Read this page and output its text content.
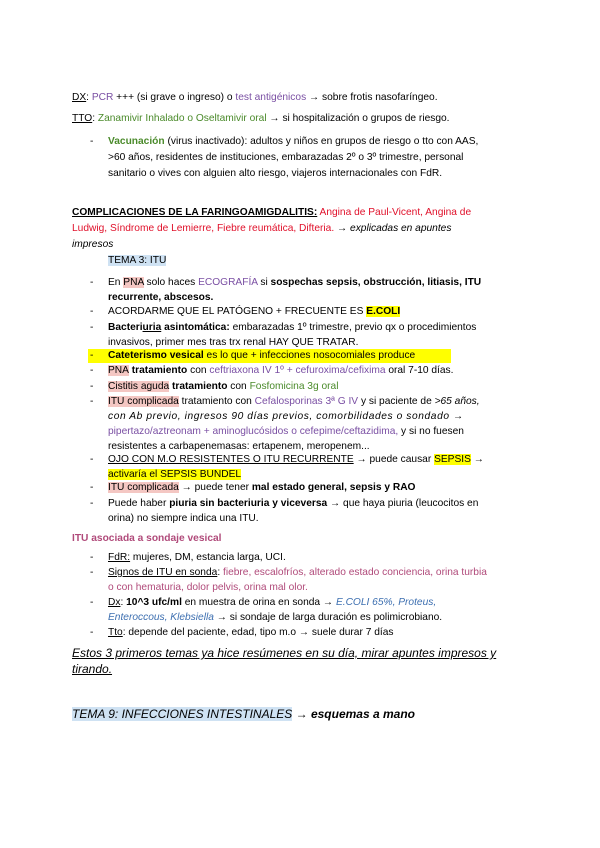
DX: PCR +++ (si grave o ingreso) o test antigénicos → sobre frotis nasofaríngeo.
TTO: Zanamivir Inhalado o Oseltamivir oral → si hospitalización o grupos de riesgo.
- Vacunación (virus inactivado): adultos y niños en grupos de riesgo o tto con AAS,
>60 años, residentes de instituciones, embarazadas 2º o 3º trimestre, personal
sanitario o vives con alguien alto riesgo, viajeros internacionales con FdR.
COMPLICACIONES DE LA FARINGOAMIGDALITIS: Angina de Paul-Vicent, Angina de
Ludwig, Síndrome de Lemierre, Fiebre reumática, Difteria. → explicadas en apuntes
impresos
TEMA 3: ITU
- En PNA solo haces ECOGRAFÍA si sospechas sepsis, obstrucción, litiasis, ITU
recurrente, abscesos.
- ACORDARME QUE EL PATÓGENO + FRECUENTE ES E.COLI
- Bacteriuria asintomática: embarazadas 1º trimestre, previo qx o procedimientos
invasivos, primer mes tras trx renal HAY QUE TRATAR.
- Cateterismo vesical es lo que + infecciones nosocomiales produce
- PNA tratamiento con ceftriaxona IV 1º + cefuroxima/cefixima oral 7-10 días.
- Cistitis aguda tratamiento con Fosfomicina 3g oral
- ITU complicada tratamiento con Cefalosporinas 3ª G IV y si paciente de >65 años,
con Ab previo, ingresos 90 días previos, comorbilidades o sondado →
pipertazo/aztreonam + aminoglucósidos o cefepime/ceftazidima, y si no fuesen
resistentes a carbapenemasas: ertapenem, meropenem...
- OJO CON M.O RESISTENTES O ITU RECURRENTE → puede causar SEPSIS →
activaría el SEPSIS BUNDEL
- ITU complicada → puede tener mal estado general, sepsis y RAO
- Puede haber piuria sin bacteriuria y viceversa → que haya piuria (leucocitos en
orina) no siempre indica una ITU.
ITU asociada a sondaje vesical
- FdR: mujeres, DM, estancia larga, UCI.
- Signos de ITU en sonda: fiebre, escalofríos, alterado estado conciencia, orina turbia
o con hematuria, dolor pelvis, orina mal olor.
- Dx: 10^3 ufc/ml en muestra de orina en sonda → E.COLI 65%, Proteus,
Enteroccous, Klebsiella → si sondaje de larga duración es polimicrobiano.
- Tto: depende del paciente, edad, tipo m.o → suele durar 7 días
Estos 3 primeros temas ya hice resúmenes en su día, mirar apuntes impresos y
tirando.
TEMA 9: INFECCIONES INTESTINALES → esquemas a mano
